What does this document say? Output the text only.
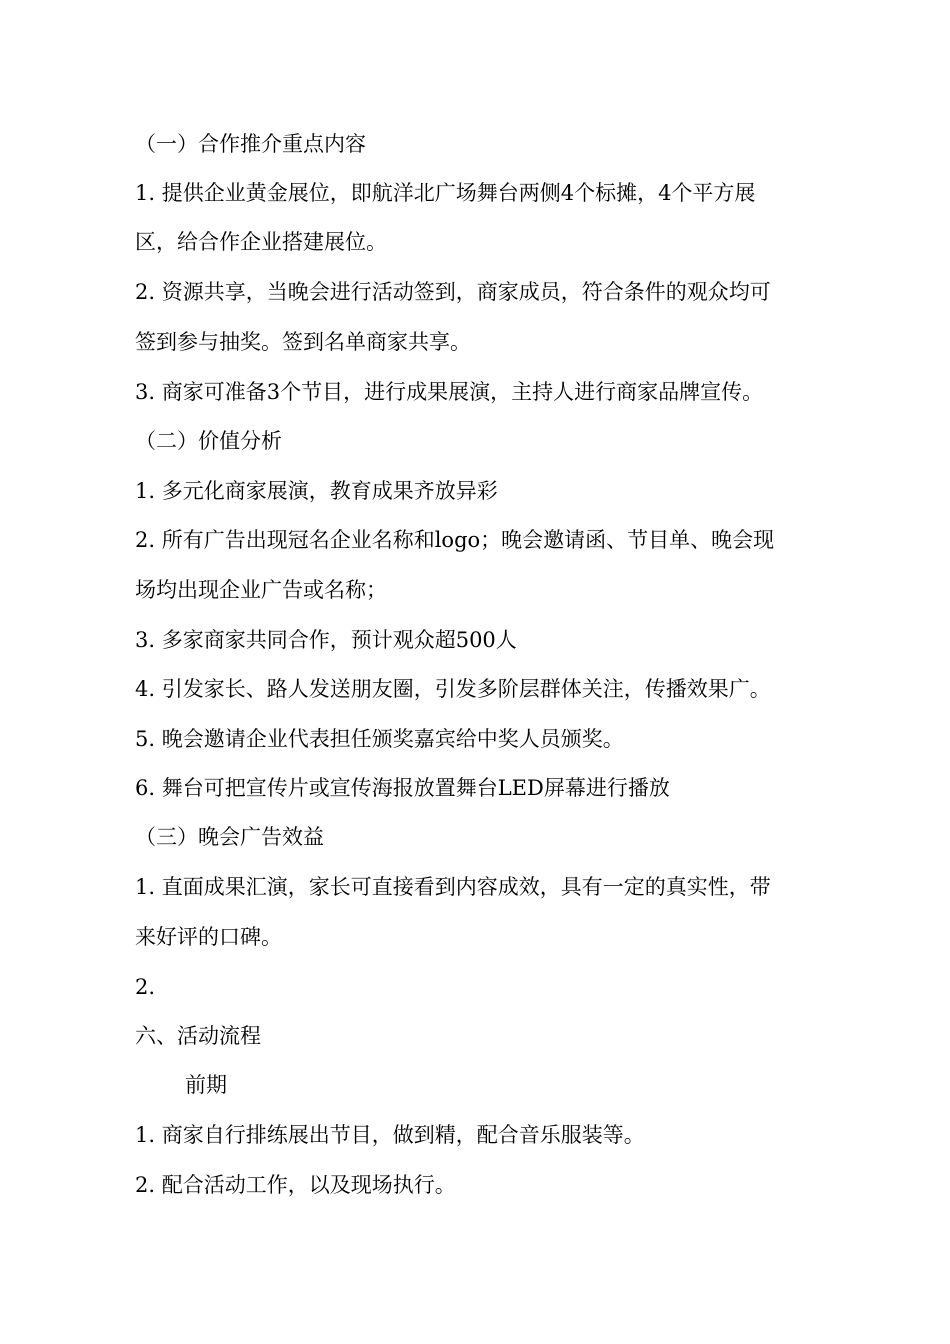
（一）合作推介重点内容
1. 提供企业黄金展位，即航洋北广场舞台两侧4个标摊，4个平方展
区，给合作企业搭建展位。
2. 资源共享，当晚会进行活动签到，商家成员，符合条件的观众均可
签到参与抽奖。签到名单商家共享。
3. 商家可准备3个节目，进行成果展演，主持人进行商家品牌宣传。
（二）价值分析
1. 多元化商家展演，教育成果齐放异彩
2. 所有广告出现冠名企业名称和logo；晚会邀请函、节目单、晚会现
场均出现企业广告或名称；
3. 多家商家共同合作，预计观众超500人
4. 引发家长、路人发送朋友圈，引发多阶层群体关注，传播效果广。
5. 晚会邀请企业代表担任颁奖嘉宾给中奖人员颁奖。
6. 舞台可把宣传片或宣传海报放置舞台LED屏幕进行播放
（三）晚会广告效益
1. 直面成果汇演，家长可直接看到内容成效，具有一定的真实性，带
来好评的口碑。
2.
六、活动流程
前期
1. 商家自行排练展出节目，做到精，配合音乐服装等。
2. 配合活动工作，以及现场执行。
